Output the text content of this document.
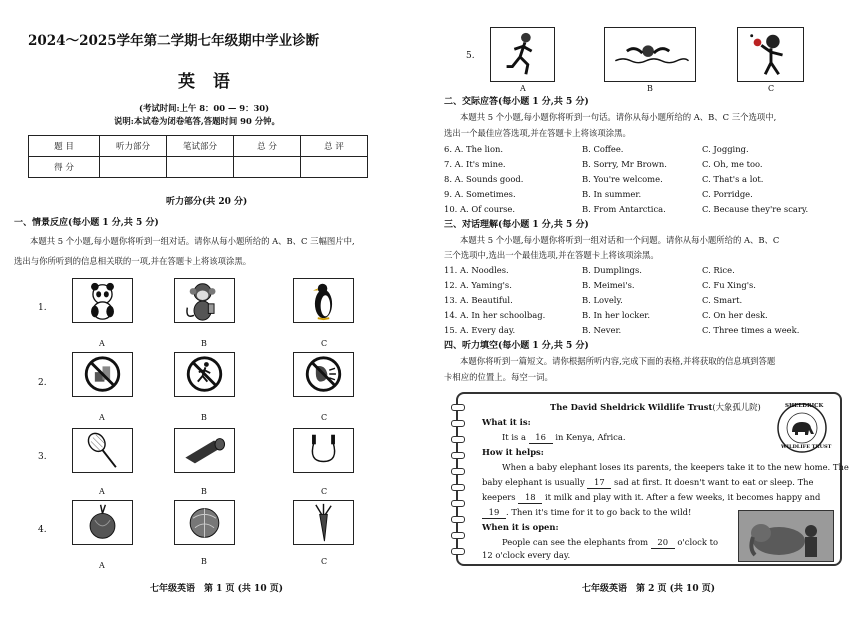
2024～2025学年第二学期七年级期中学业诊断
英 语
(考试时间:上午 8：00 — 9：30)
说明:本试卷为闭卷笔答,答题时间 90 分钟。
题 目	听力部分	笔试部分	总 分	总 评
得 分				
听力部分(共 20 分)
一、情景反应(每小题 1 分,共 5 分)
本题共 5 个小题,每小题你将听到一组对话。请你从每小题所给的 A、B、C 三幅图片中,
选出与你所听到的信息相关联的一项,并在答题卡上将该项涂黑。
1.
A	B	C
2.
A	B	C
3.
A	B	C
4.
A	B	C
七年级英语　第 1 页 (共 10 页)
5.
A	B	C
二、交际应答(每小题 1 分,共 5 分)
本题共 5 个小题,每小题你将听到一句话。请你从每小题所给的 A、B、C 三个选项中,
选出一个最佳应答选项,并在答题卡上将该项涂黑。
6. A. The lion.	B. Coffee.	C. Jogging.
7. A. It's mine.	B. Sorry, Mr Brown.	C. Oh, me too.
8. A. Sounds good.	B. You're welcome.	C. That's a lot.
9. A. Sometimes.	B. In summer.	C. Porridge.
10. A. Of course.	B. From Antarctica.	C. Because they're scary.
三、对话理解(每小题 1 分,共 5 分)
本题共 5 个小题,每小题你将听到一组对话和一个问题。请你从每小题所给的 A、B、C
三个选项中,选出一个最佳选项,并在答题卡上将该项涂黑。
11. A. Noodles.	B. Dumplings.	C. Rice.
12. A. Yaming's.	B. Meimei's.	C. Fu Xing's.
13. A. Beautiful.	B. Lovely.	C. Smart.
14. A. In her schoolbag.	B. In her locker.	C. On her desk.
15. A. Every day.	B. Never.	C. Three times a week.
四、听力填空(每小题 1 分,共 5 分)
本题你将听到一篇短文。请你根据所听内容,完成下面的表格,并将获取的信息填到答题
卡相应的位置上。每空一词。
The David Sheldrick Wildlife Trust(大象孤儿院)	SHELDRICK
WILDLIFE TRUST
What it is:
It is a 16 in Kenya, Africa.
How it helps:
When a baby elephant loses its parents, the keepers take it to the new home. The
baby elephant is usually 17 sad at first. It doesn't want to eat or sleep. The
keepers 18 it milk and play with it. After a few weeks, it becomes happy and
19 . Then it's time for it to go back to the wild!
When it is open:
People can see the elephants from 20 o'clock to
12 o'clock every day.
七年级英语　第 2 页 (共 10 页)
